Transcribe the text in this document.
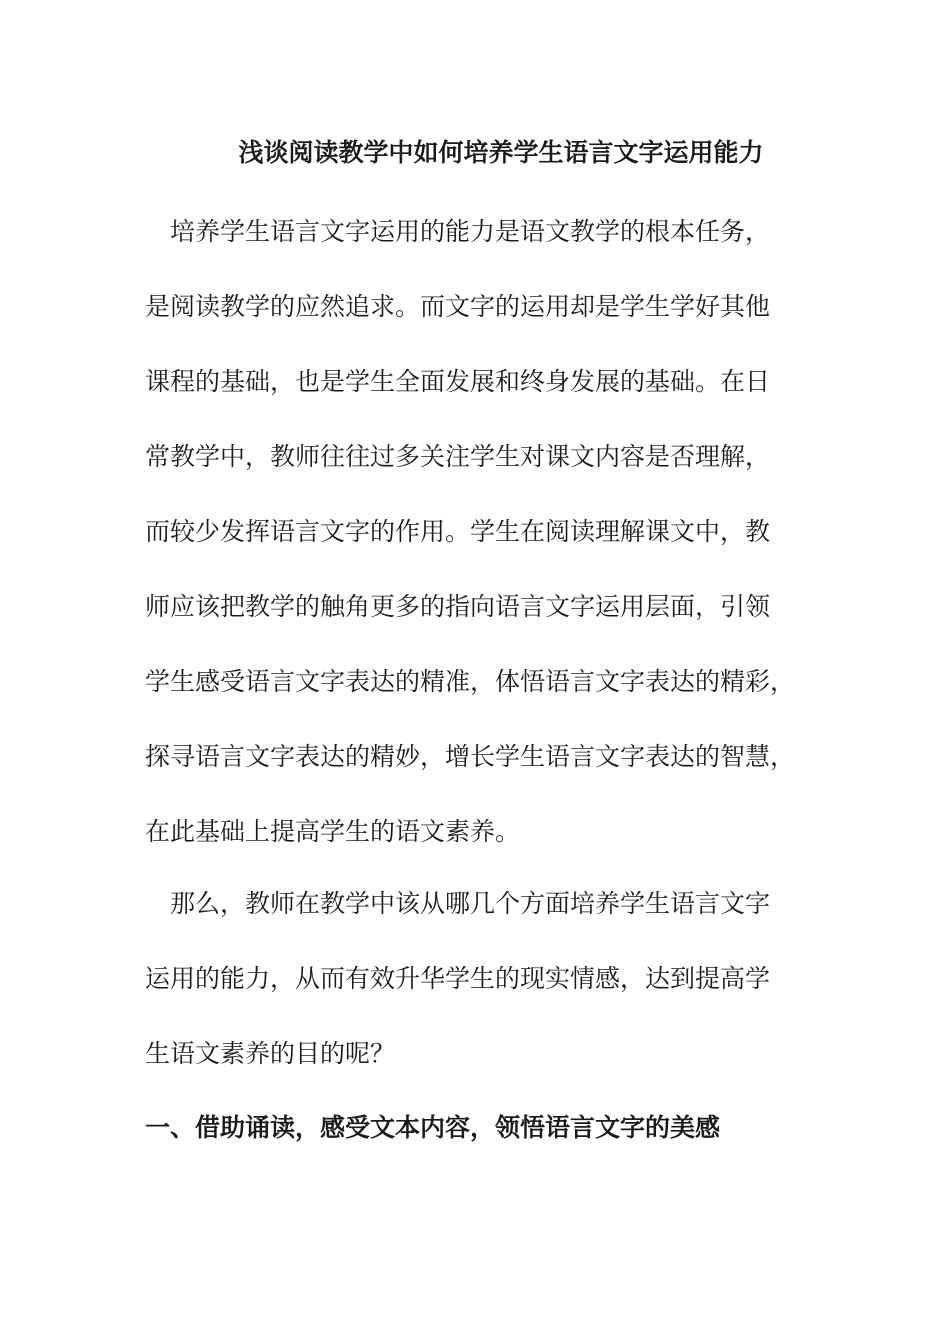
浅谈阅读教学中如何培养学生语言文字运用能力
培养学生语言文字运用的能力是语文教学的根本任务，
是阅读教学的应然追求。而文字的运用却是学生学好其他
课程的基础，也是学生全面发展和终身发展的基础。在日
常教学中，教师往往过多关注学生对课文内容是否理解，
而较少发挥语言文字的作用。学生在阅读理解课文中，教
师应该把教学的触角更多的指向语言文字运用层面，引领
学生感受语言文字表达的精准，体悟语言文字表达的精彩，
探寻语言文字表达的精妙，增长学生语言文字表达的智慧，
在此基础上提高学生的语文素养。
那么，教师在教学中该从哪几个方面培养学生语言文字
运用的能力，从而有效升华学生的现实情感，达到提高学
生语文素养的目的呢？
一、借助诵读，感受文本内容，领悟语言文字的美感
